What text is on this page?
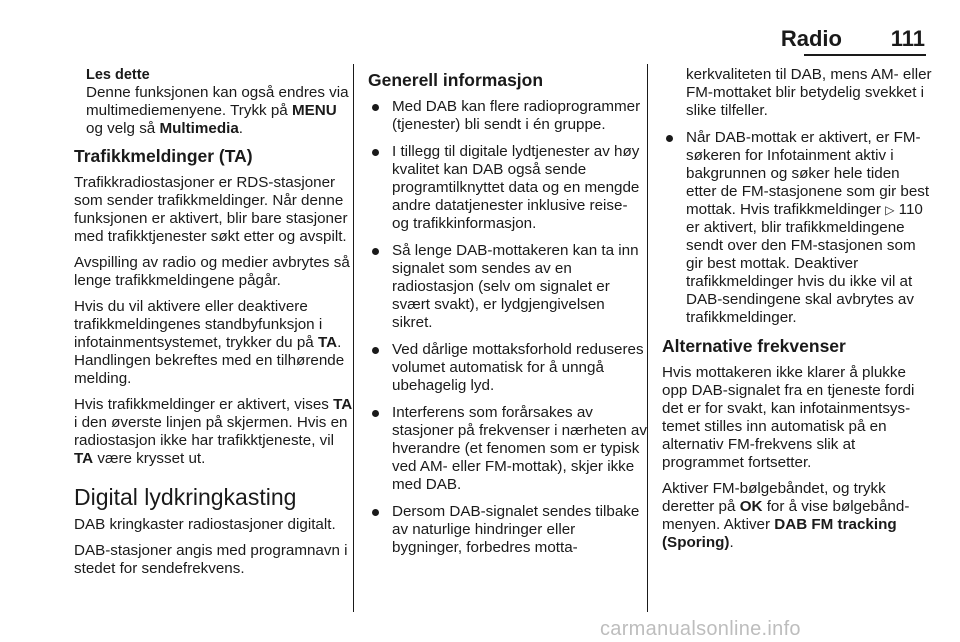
Radio 111
Les dette
Denne funksjonen kan også endres via multimediemenyene. Trykk på MENU og velg så Multimedia.
Trafikkmeldinger (TA)

Trafikkradiostasjoner er RDS-stasjoner som sender trafikkmeldinger. Når denne funksjonen er aktivert, blir bare stasjoner med trafikktjenester søkt etter og avspilt.

Avspilling av radio og medier avbrytes så lenge trafikkmeldingene pågår.

Hvis du vil aktivere eller deaktivere trafikkmeldingenes standbyfunksjon i infotainmentsystemet, trykker du på TA. Handlingen bekreftes med en tilhørende melding.

Hvis trafikkmeldinger er aktivert, vises TA i den øverste linjen på skjermen. Hvis en radiostasjon ikke har trafikktjeneste, vil TA være krysset ut.

Digital lydkringkasting

DAB kringkaster radiostasjoner digitalt.

DAB-stasjoner angis med programnavn i stedet for sendefrekvens.

Generell informasjon
Med DAB kan flere radioprogrammer (tjenester) bli sendt i én gruppe.
I tillegg til digitale lydtjenester av høy kvalitet kan DAB også sende programtilknyttet data og en mengde andre datatjenester inklusive reise- og trafikkinformasjon.
Så lenge DAB-mottakeren kan ta inn signalet som sendes av en radiostasjon (selv om signalet er svært svakt), er lydgjengivelsen sikret.
Ved dårlige mottaksforhold reduseres volumet automatisk for å unngå ubehagelig lyd.
Interferens som forårsakes av stasjoner på frekvenser i nærheten av hverandre (et fenomen som er typisk ved AM- eller FM-mottak), skjer ikke med DAB.
Dersom DAB-signalet sendes tilbake av naturlige hindringer eller bygninger, forbedres motta-
kerkvaliteten til DAB, mens AM- eller FM-mottaket blir betydelig svekket i slike tilfeller.
Når DAB-mottak er aktivert, er FM-søkeren for Infotainment aktiv i bakgrunnen og søker hele tiden etter de FM-stasjonene som gir best mottak. Hvis trafikkmeldinger ▷ 110 er aktivert, blir trafikkmeldingene sendt over den FM-stasjonen som gir best mottak. Deaktiver trafikkmeldinger hvis du ikke vil at DAB-sendingene skal avbrytes av trafikkmeldinger.
Alternative frekvenser

Hvis mottakeren ikke klarer å plukke opp DAB-signalet fra en tjeneste fordi det er for svakt, kan infotainmentsystemet stilles inn automatisk på en alternativ FM-frekvens slik at programmet fortsetter.

Aktiver FM-bølgebåndet, og trykk deretter på OK for å vise bølgebåndmenyen. Aktiver DAB FM tracking (Sporing).

carmanualsonline.info
